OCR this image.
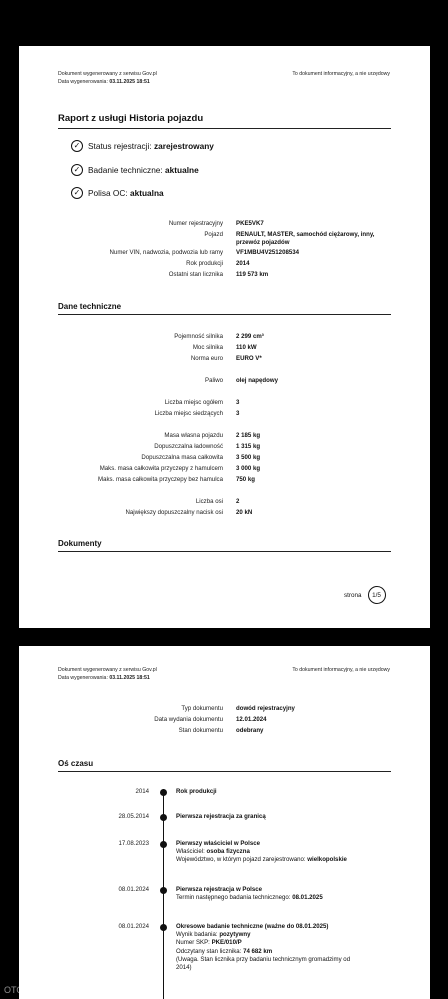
Dokument wygenerowany z serwisu Gov.pl
Data wygenerowania: 03.11.2025 18:51
To dokument informacyjny, a nie urzędowy
Raport z usługi Historia pojazdu
✓ Status rejestracji:
zarejestrowany
✓ Badanie techniczne:
aktualne
✓ Polisa OC:
aktualna
Numer rejestracyjny PKE5VK7
Pojazd RENAULT, MASTER, samochód ciężarowy, inny,
przewóz pojazdów
Numer VIN, nadwozia, podwozia lub ramy VF1MBU4V251208534
Rok produkcji 2014
Ostatni stan licznika 119 573 km
Dane techniczne
Pojemność silnika 2 299 cm³
Moc silnika 110 kW
Norma euro EURO V*
Paliwo olej napędowy
Liczba miejsc ogółem 3
Liczba miejsc siedzących 3
Masa własna pojazdu 2 185 kg
Dopuszczalna ładowność 1 315 kg
Dopuszczalna masa całkowita 3 500 kg
Maks. masa całkowita przyczepy z hamulcem 3 000 kg
Maks. masa całkowita przyczepy bez hamulca 750 kg
Liczba osi 2
Największy dopuszczalny nacisk osi 20 kN
Dokumenty
strona	1/5
Dokument wygenerowany z serwisu Gov.pl
Data wygenerowania: 03.11.2025 18:51
To dokument informacyjny, a nie urzędowy
Typ dokumentu dowód rejestracyjny
Data wydania dokumentu 12.01.2024
Stan dokumentu odebrany
Oś czasu
2014	Rok produkcji
28.05.2014	Pierwsza rejestracja za granicą
17.08.2023	Pierwszy właściciel w Polsce
Właściciel: osoba fizyczna
Województwo, w którym pojazd zarejestrowano: wielkopolskie
08.01.2024	Pierwsza rejestracja w Polsce
Termin następnego badania technicznego: 08.01.2025
08.01.2024	Okresowe badanie techniczne (ważne do 08.01.2025)
Wynik badania: pozytywny
Numer SKP: PKE/010/P
Odczytany stan licznika: 74 682 km
(Uwaga. Stan licznika przy badaniu technicznym gromadzimy od
2014)
OTOMOTO
